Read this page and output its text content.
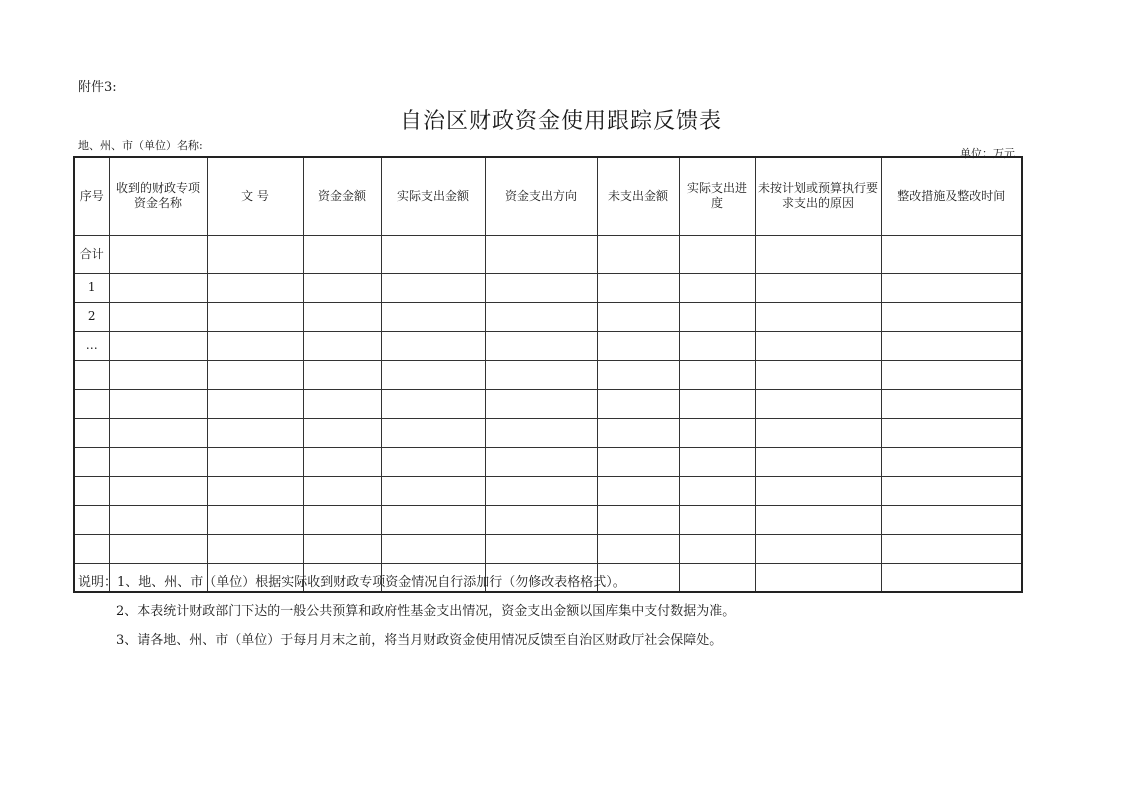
附件3:
自治区财政资金使用跟踪反馈表
地、州、市（单位）名称:
单位：万元
序号	收到的财政专项资金名称	文 号	资金金额	实际支出金额	资金支出方向	未支出金额	实际支出进度	未按计划或预算执行要求支出的原因	整改措施及整改时间
合计									
1									
2									
…									

说明：1、地、州、市（单位）根据实际收到财政专项资金情况自行添加行（勿修改表格格式）。
2、本表统计财政部门下达的一般公共预算和政府性基金支出情况，资金支出金额以国库集中支付数据为准。
3、请各地、州、市（单位）于每月月末之前，将当月财政资金使用情况反馈至自治区财政厅社会保障处。
